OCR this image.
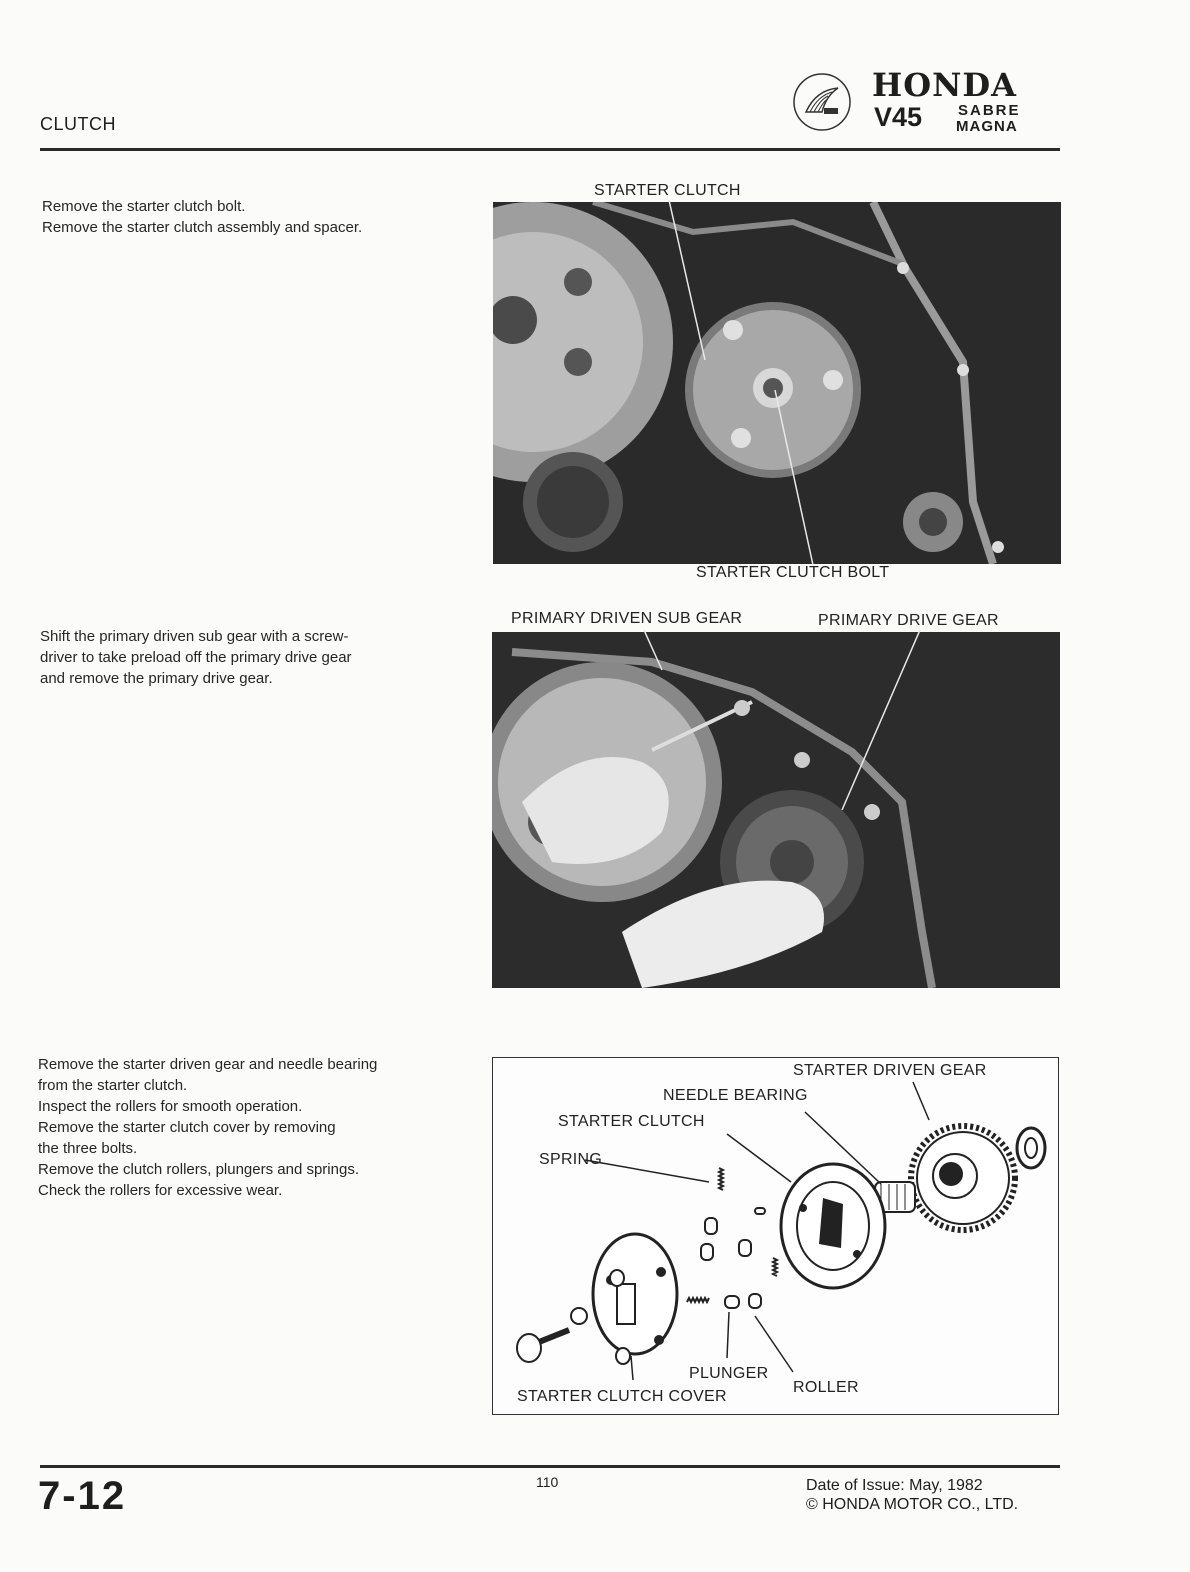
CLUTCH
HONDA
V45 SABRE
MAGNA

Remove the starter clutch bolt.

Remove the starter clutch assembly and spacer.

STARTER CLUTCH
STARTER CLUTCH BOLT

Shift the primary driven sub gear with a screw-

driver to take preload off the primary drive gear

and remove the primary drive gear.

PRIMARY DRIVEN SUB GEAR	PRIMARY DRIVE GEAR

Remove the starter driven gear and needle bearing

from the starter clutch.

Inspect the rollers for smooth operation.

Remove the starter clutch cover by removing

the three bolts.

Remove the clutch rollers, plungers and springs.

Check the rollers for excessive wear.

STARTER DRIVEN GEAR
NEEDLE BEARING
STARTER CLUTCH
SPRING
PLUNGER
ROLLER
STARTER CLUTCH COVER
7-12	110	Date of Issue: May, 1982
© HONDA MOTOR CO., LTD.
